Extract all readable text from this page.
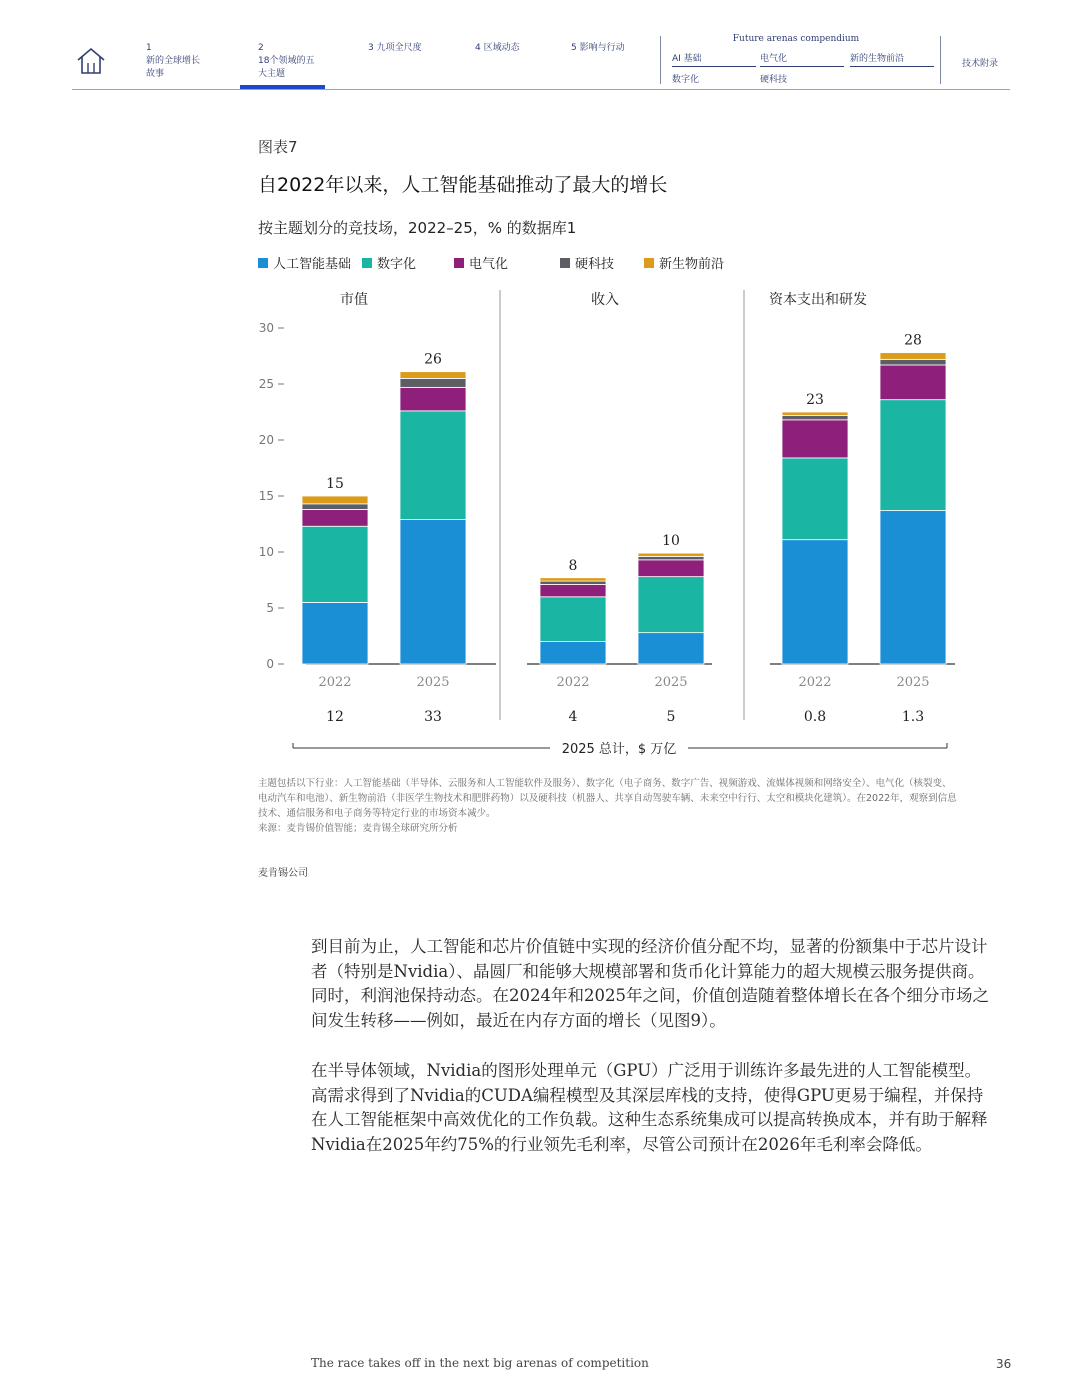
1
新的全球增长故事
2
18个领域的五大主题
3 九项全尺度	4 区域动态	5 影响与行动
Future arenas compendium
AI 基础	电气化	新的生物前沿
数字化	硬科技
技术附录
图表7
自2022年以来，人工智能基础推动了最大的增长
按主题划分的竞技场，2022–25，% 的数据库1
人工智能基础 数字化	电气化	硬科技	新生物前沿
0
5
10
15
20
25
30
市值
15
2022
12
26
2025
33
收入
8
2022
4
10
2025
5
资本支出和研发
23
2022
0.8
28
2025
1.3
2025 总计，$ 万亿
主题包括以下行业：人工智能基础（半导体、云服务和人工智能软件及服务）、数字化（电子商务、数字广告、视频游戏、流媒体视频和网络安全）、电气化（核裂变、电动汽车和电池）、新生物前沿（非医学生物技术和肥胖药物）以及硬科技（机器人、共享自动驾驶车辆、未来空中行行、太空和模块化建筑）。在2022年，观察到信息技术、通信服务和电子商务等特定行业的市场资本减少。
来源：麦肯锡价值智能；麦肯锡全球研究所分析
麦肯锡公司
到目前为止，人工智能和芯片价值链中实现的经济价值分配不均，显著的份额集中于芯片设计者（特别是Nvidia）、晶圆厂和能够大规模部署和货币化计算能力的超大规模云服务提供商。同时，利润池保持动态。在2024年和2025年之间，价值创造随着整体增长在各个细分市场之间发生转移——例如，最近在内存方面的增长（见图9）。
在半导体领域，Nvidia的图形处理单元（GPU）广泛用于训练许多最先进的人工智能模型。高需求得到了Nvidia的CUDA编程模型及其深层库栈的支持，使得GPU更易于编程，并保持在人工智能框架中高效优化的工作负载。这种生态系统集成可以提高转换成本，并有助于解释Nvidia在2025年约75%的行业领先毛利率，尽管公司预计在2026年毛利率会降低。
The race takes off in the next big arenas of competition	36
